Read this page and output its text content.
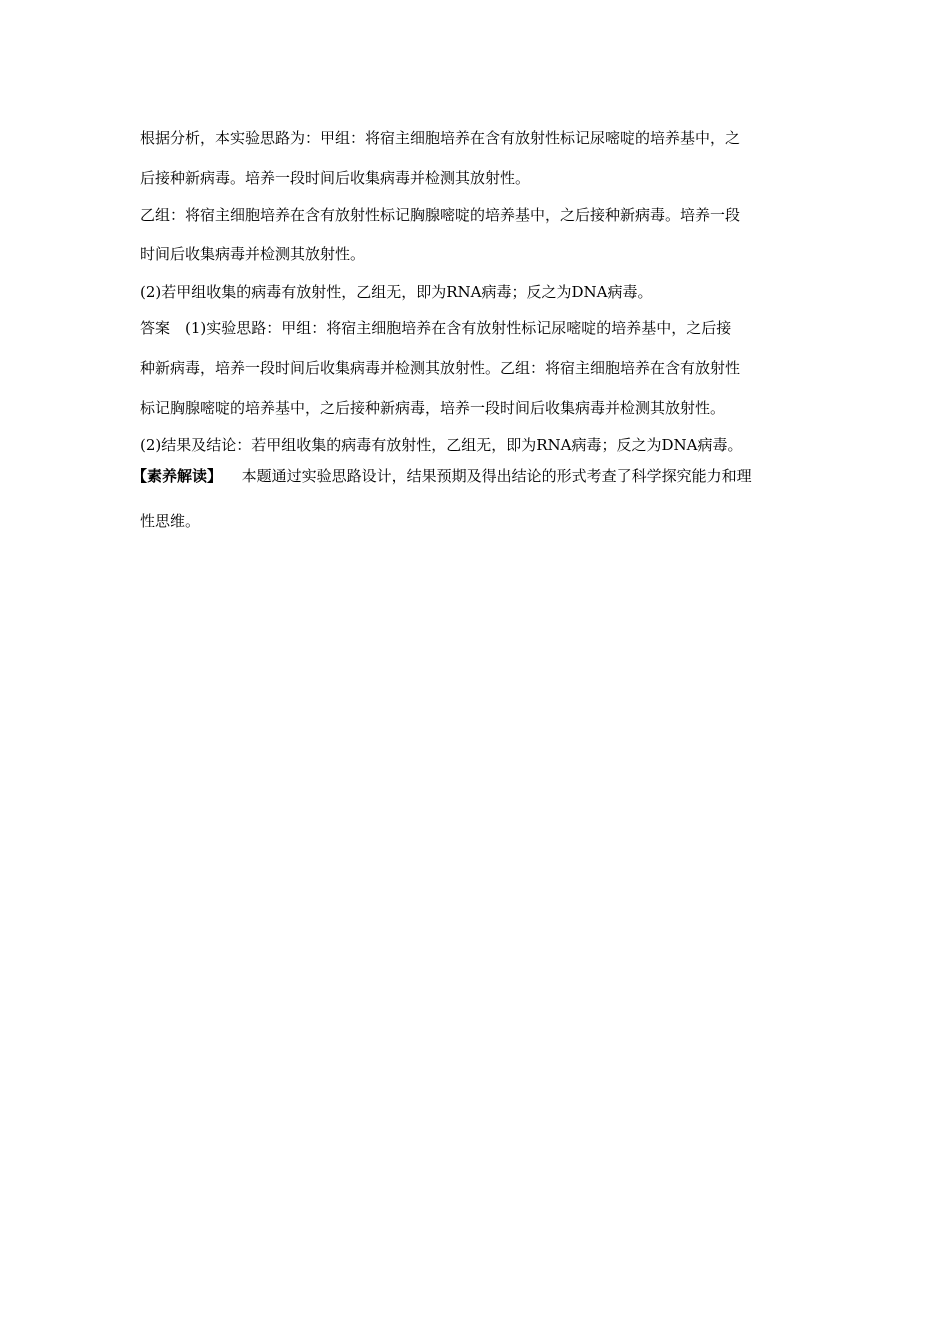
根据分析，本实验思路为：甲组：将宿主细胞培养在含有放射性标记尿嘧啶的培养基中，之
后接种新病毒。培养一段时间后收集病毒并检测其放射性。
乙组：将宿主细胞培养在含有放射性标记胸腺嘧啶的培养基中，之后接种新病毒。培养一段
时间后收集病毒并检测其放射性。
(2)若甲组收集的病毒有放射性，乙组无，即为RNA病毒；反之为DNA病毒。
答案　(1)实验思路：甲组：将宿主细胞培养在含有放射性标记尿嘧啶的培养基中，之后接
种新病毒，培养一段时间后收集病毒并检测其放射性。乙组：将宿主细胞培养在含有放射性
标记胸腺嘧啶的培养基中，之后接种新病毒，培养一段时间后收集病毒并检测其放射性。
(2)结果及结论：若甲组收集的病毒有放射性，乙组无，即为RNA病毒；反之为DNA病毒。
【素养解读】 本题通过实验思路设计，结果预期及得出结论的形式考查了科学探究能力和理
性思维。
